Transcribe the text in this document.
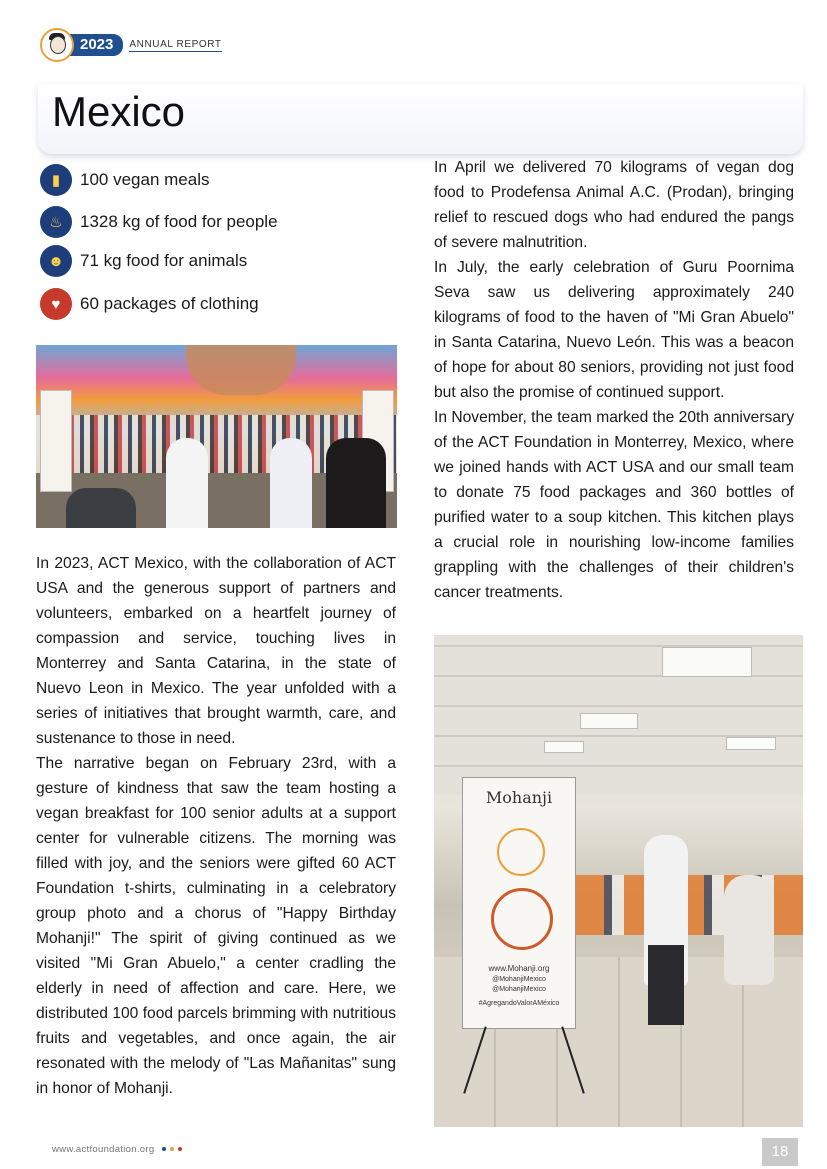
2023	ANNUAL REPORT
Mexico
▮	100 vegan meals
♨	1328 kg of food for people
☻ 71 kg food for animals
♥	60 packages of clothing

In 2023, ACT Mexico, with the collaboration of ACT USA and the generous support of partners and volunteers, embarked on a heartfelt journey of compassion and service, touching lives in Monterrey and Santa Catarina, in the state of Nuevo Leon in Mexico. The year unfolded with a series of initiatives that brought warmth, care, and sustenance to those in need.

The narrative began on February 23rd, with a gesture of kindness that saw the team hosting a vegan breakfast for 100 senior adults at a support center for vulnerable citizens. The morning was filled with joy, and the seniors were gifted 60 ACT Foundation t-shirts, culminating in a celebratory group photo and a chorus of "Happy Birthday Mohanji!" The spirit of giving continued as we visited "Mi Gran Abuelo," a center cradling the elderly in need of affection and care. Here, we distributed 100 food parcels brimming with nutritious fruits and vegetables, and once again, the air resonated with the melody of "Las Mañanitas" sung in honor of Mohanji.

In April we delivered 70 kilograms of vegan dog food to Prodefensa Animal A.C. (Prodan), bringing relief to rescued dogs who had endured the pangs of severe malnutrition.

In July, the early celebration of Guru Poornima Seva saw us delivering approximately 240 kilograms of food to the haven of "Mi Gran Abuelo" in Santa Catarina, Nuevo León. This was a beacon of hope for about 80 seniors, providing not just food but also the promise of continued support.

In November, the team marked the 20th anniversary of the ACT Foundation in Monterrey, Mexico, where we joined hands with ACT USA and our small team to donate 75 food packages and 360 bottles of purified water to a soup kitchen. This kitchen plays a crucial role in nourishing low-income families grappling with the challenges of their children's cancer treatments.

Mohanji
www.Mohanji.org
@MohanjiMexico
@MohanjiMexico
#AgregandoValorAMéxico
www.actfoundation.org	18
